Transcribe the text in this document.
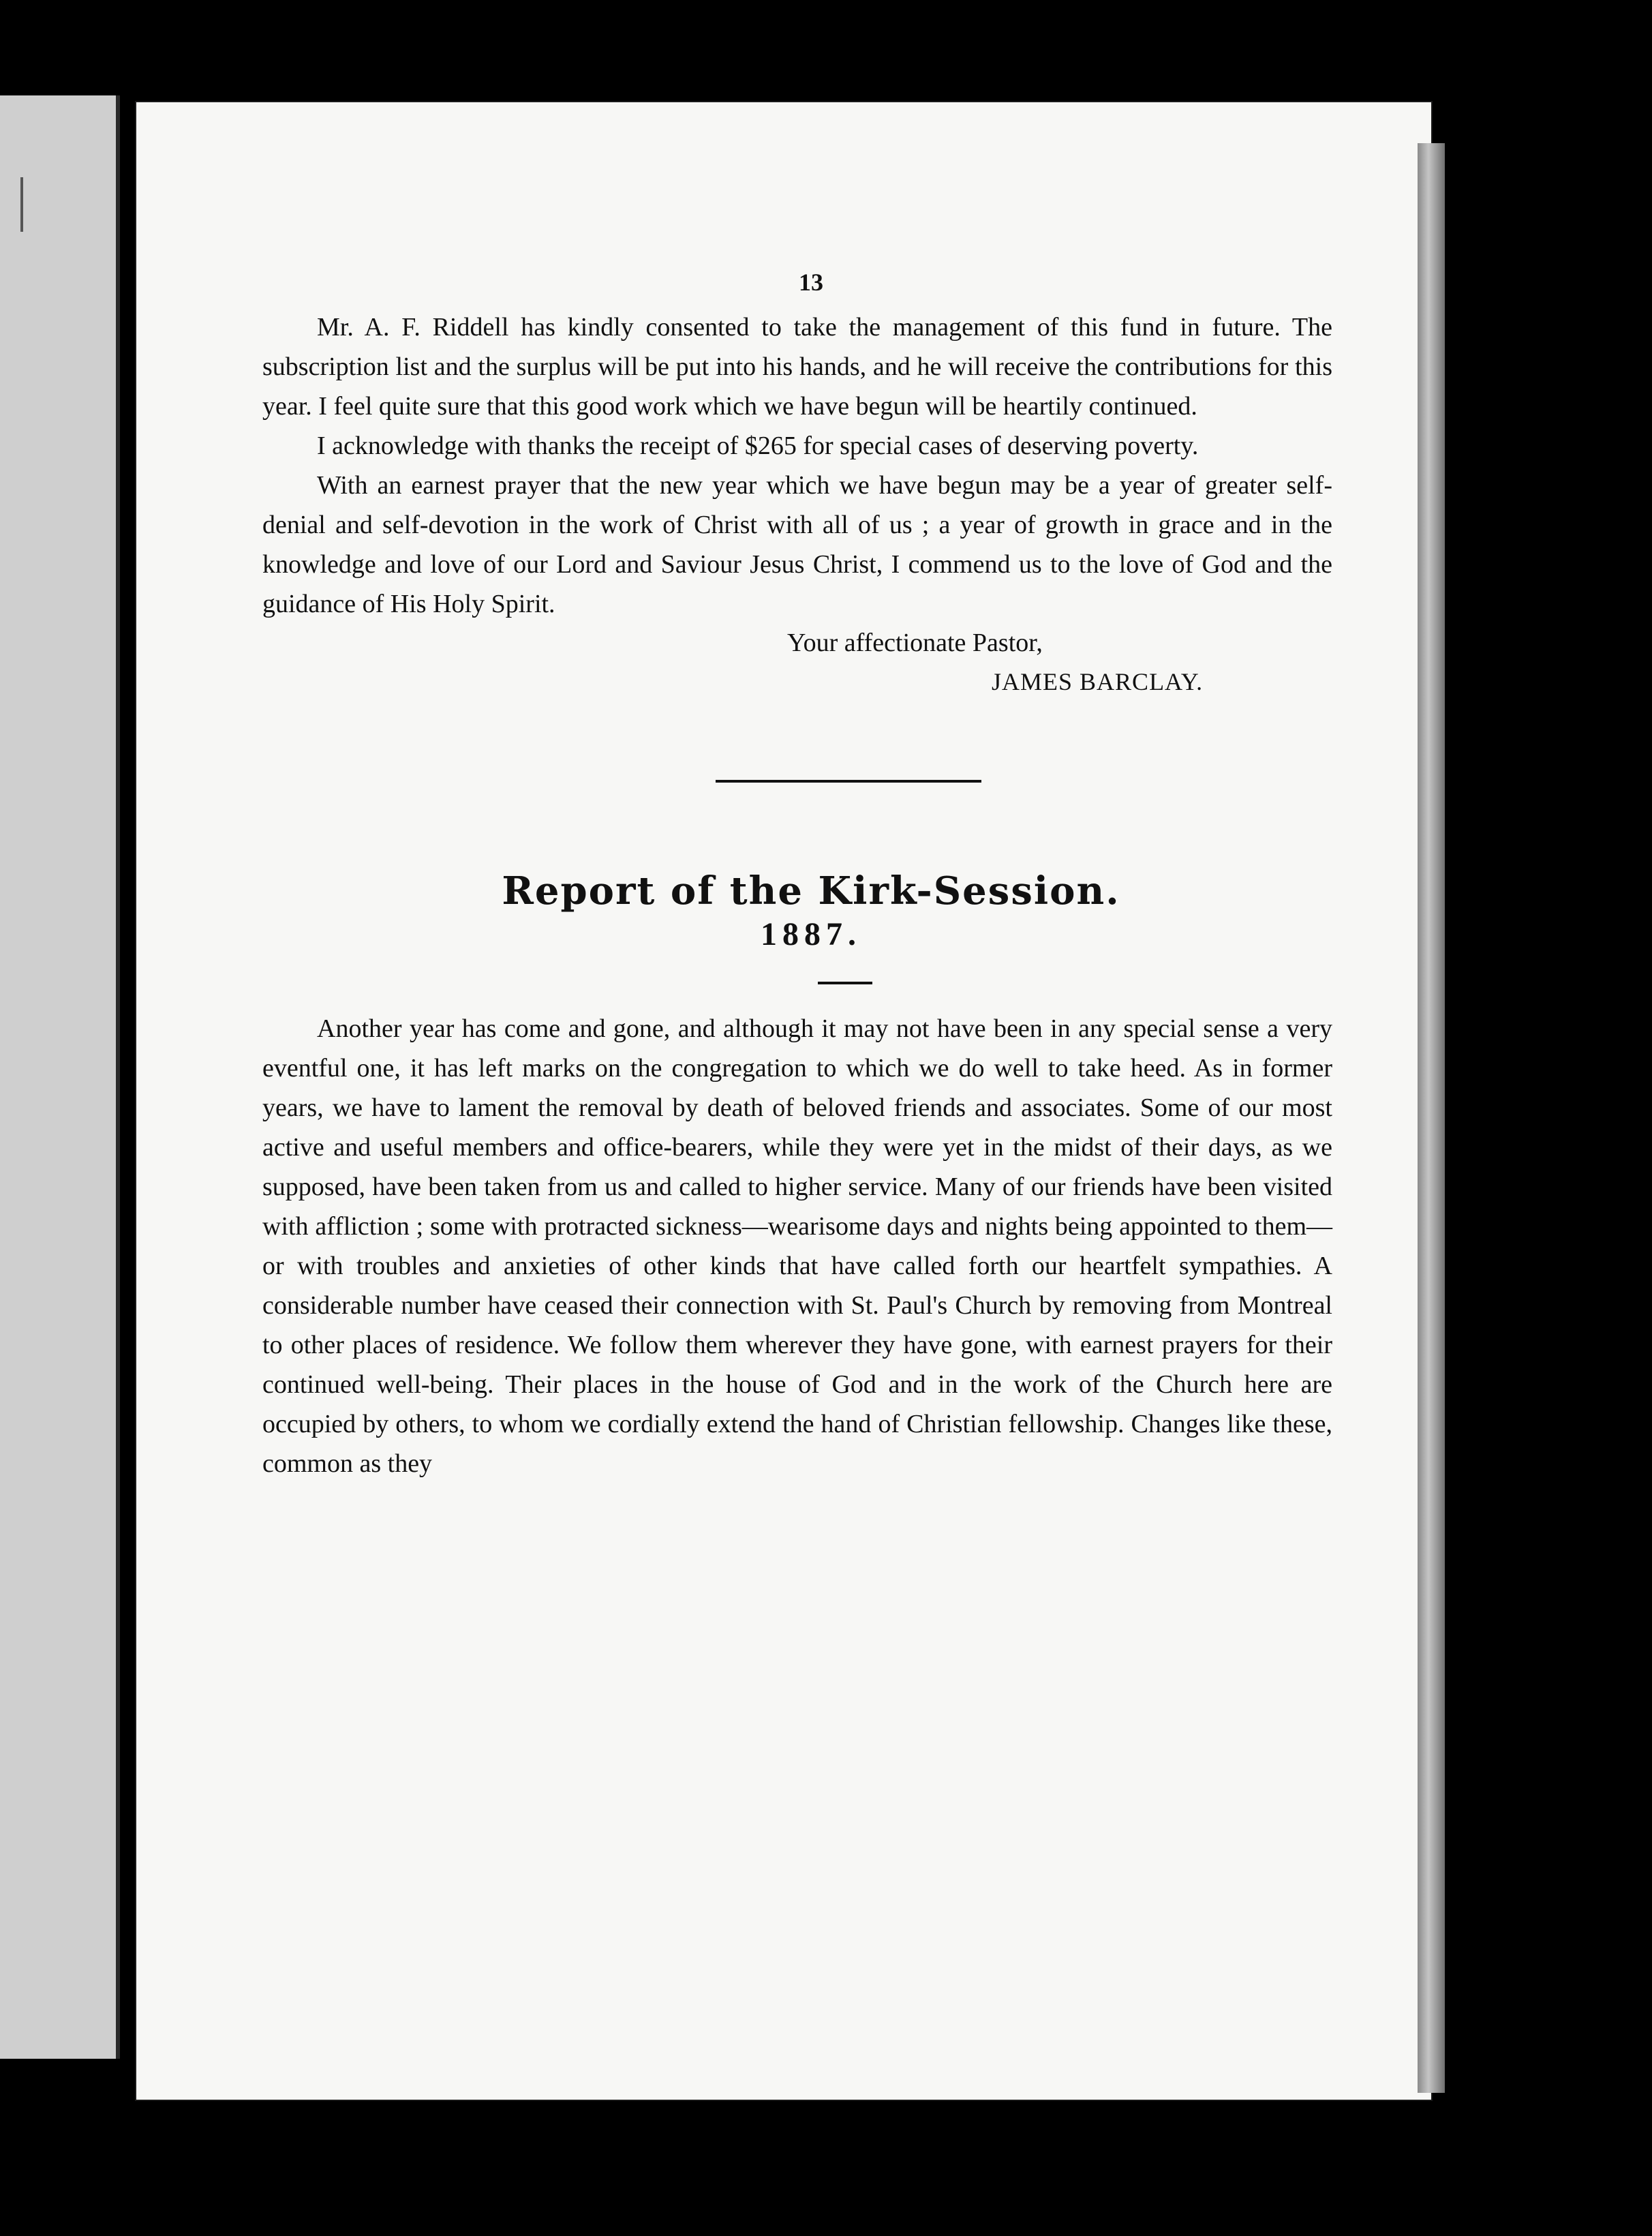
13

Mr. A. F. Riddell has kindly consented to take the management of this fund in future. The subscription list and the surplus will be put into his hands, and he will receive the contributions for this year. I feel quite sure that this good work which we have begun will be heartily continued.

I acknowledge with thanks the receipt of $265 for special cases of deserving poverty.

With an earnest prayer that the new year which we have begun may be a year of greater self-denial and self-devotion in the work of Christ with all of us ; a year of growth in grace and in the knowledge and love of our Lord and Saviour Jesus Christ, I commend us to the love of God and the guidance of His Holy Spirit.

Your affectionate Pastor,
JAMES BARCLAY.
Report of the Kirk-Session.
1887.

Another year has come and gone, and although it may not have been in any special sense a very eventful one, it has left marks on the congregation to which we do well to take heed. As in former years, we have to lament the removal by death of beloved friends and associates. Some of our most active and useful members and office-bearers, while they were yet in the midst of their days, as we supposed, have been taken from us and called to higher service. Many of our friends have been visited with affliction ; some with protracted sickness—wearisome days and nights being appointed to them—or with troubles and anxieties of other kinds that have called forth our heartfelt sympathies. A considerable number have ceased their connection with St. Paul's Church by removing from Montreal to other places of residence. We follow them wherever they have gone, with earnest prayers for their continued well-being. Their places in the house of God and in the work of the Church here are occupied by others, to whom we cordially extend the hand of Christian fellowship. Changes like these, common as they
